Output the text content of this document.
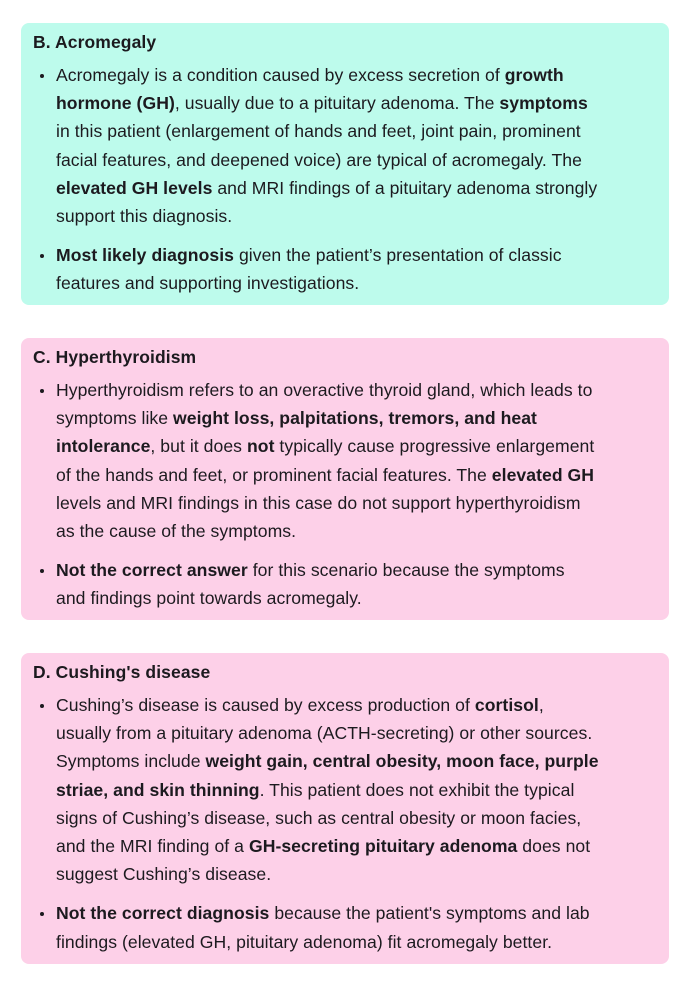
B. Acromegaly
Acromegaly is a condition caused by excess secretion of growth
hormone (GH), usually due to a pituitary adenoma. The symptoms
in this patient (enlargement of hands and feet, joint pain, prominent
facial features, and deepened voice) are typical of acromegaly. The
elevated GH levels and MRI findings of a pituitary adenoma strongly
support this diagnosis.
Most likely diagnosis given the patient’s presentation of classic
features and supporting investigations.
C. Hyperthyroidism
Hyperthyroidism refers to an overactive thyroid gland, which leads to
symptoms like weight loss, palpitations, tremors, and heat
intolerance, but it does not typically cause progressive enlargement
of the hands and feet, or prominent facial features. The elevated GH
levels and MRI findings in this case do not support hyperthyroidism
as the cause of the symptoms.
Not the correct answer for this scenario because the symptoms
and findings point towards acromegaly.
D. Cushing's disease
Cushing’s disease is caused by excess production of cortisol,
usually from a pituitary adenoma (ACTH-secreting) or other sources.
Symptoms include weight gain, central obesity, moon face, purple
striae, and skin thinning. This patient does not exhibit the typical
signs of Cushing’s disease, such as central obesity or moon facies,
and the MRI finding of a GH-secreting pituitary adenoma does not
suggest Cushing’s disease.
Not the correct diagnosis because the patient's symptoms and lab
findings (elevated GH, pituitary adenoma) fit acromegaly better.
